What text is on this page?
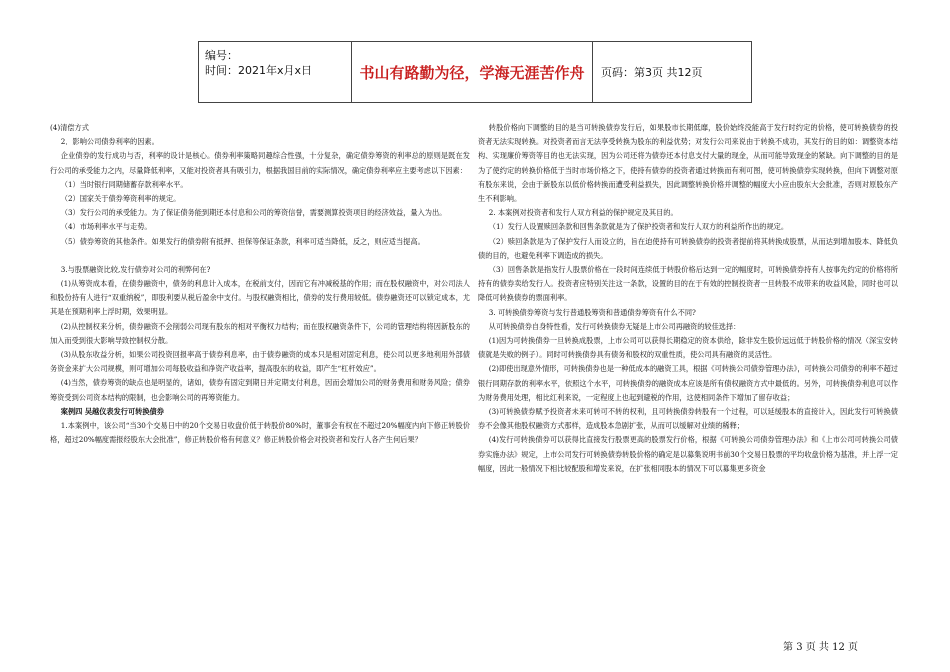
编号：
时间：2021年x月x日	书山有路勤为径，学海无涯苦作舟	页码：第3页 共12页

(4)清偿方式

2．影响公司债券利率的因素。

企业债券的发行成功与否，利率的设计是核心。债券利率策略同趣综合性强，十分复杂，确定债券筹资的利率总的原则是既在发行公司的承受能力之内，尽量降低利率，又能对投资者具有吸引力，根据我国目前的实际情况，确定债券利率应主要考虑以下因素：

（1）当时银行同期储蓄存款利率水平。

（2）国家关于债券筹资利率的规定。

（3）发行公司的承受能力。为了保证债务能到期还本付息和公司的筹资信誉，需要测算投资项目的经济效益，量入为出。

（4）市场利率水平与走势。

（5）债券筹资的其他条件。如果发行的债券附有抵押、担保等保证条款，利率可适当降低，反之，则应适当提高。

3.与股票融资比较,发行债券对公司的利弊何在?

(1)从筹资成本看，在债券融资中，债务的利息计入成本，在税前支付，因而它有冲减税基的作用；而在股权融资中，对公司法人和股份持有人进行“双重纳税”，即股利要从税后盈余中支付。与股权融资相比，债券的发行费用较低。债券融资还可以锁定成本，尤其是在预期利率上浮时期，效果明显。

(2)从控制权来分析，债券融资不会削弱公司现有股东的相对平衡权力结构；而在股权融资条件下，公司的管理结构将因新股东的加入而受到很大影响导致控制权分散。

(3)从股东收益分析，如果公司投资回报率高于债券利息率，由于债券融资的成本只是相对固定利息，使公司以更多地利用外部债务资金来扩大公司规模，则可增加公司每股收益和净资产收益率，提高股东的收益，即产生“杠杆效应”。

(4)当然，债券筹资的缺点也是明显的，诸如，债券有固定到期日并定期支付利息，因而会增加公司的财务费用和财务风险；债券筹资受到公司资本结构的限制，也会影响公司的再筹资能力。

案例四 吴越仪表发行可转换债券

1.本案例中，该公司“当30个交易日中的20个交易日收盘价低于转股价80%时，董事会有权在不超过20%幅度内向下修正转股价格，超过20%幅度需报经股东大会批准”，修正转股价格有何意义？修正转股价格会对投资者和发行人各产生何后果？

转股价格向下调整的目的是当可转换债券发行后，如果股市长期低靡，股价始终没能高于发行时约定的价格，使可转换债券的投资者无法实现转换。对投资者而言无法享受转换为股东的利益优势；对发行公司来说由于转换不成功，其发行的目的如：调整资本结构、实现廉价筹资等目的也无法实现，因为公司还将为债券还本付息支付大量的现金，从而可能导致现金的紧缺。向下调整的目的是为了使约定的转换价格低于当时市场价格之下，使持有债券的投资者通过转换而有利可图，使可转换债券实现转换，但向下调整对原有股东来说，会由于新股东以低价格转换而遭受利益损失，因此调整转换价格并调整的幅度大小应由股东大会批准，否则对原股东产生不利影响。

2. 本案例对投资者和发行人双方利益的保护规定及其目的。

（1）发行人设置赎回条款和回售条款就是为了保护投资者和发行人双方的利益所作出的规定。

（2）赎回条款是为了保护发行人而设立的，旨在迫使持有可转换债券的投资者提前将其转换成股票，从而达到增加股本、降低负债的目的，也避免利率下调造成的损失。

（3）回售条款是指发行人股票价格在一段时间连续低于转股价格后达到一定的幅度时，可转换债券持有人按事先约定的价格将所持有的债券卖给发行人。投资者应特别关注这一条款，设置的目的在于有效的控制投资者一旦转股不成带来的收益风险，同时也可以降低可转换债券的票面利率。

3. 可转换债券筹资与发行普通股筹资和普通债券筹资有什么不同?

从可转换债券自身特性看，发行可转换债券无疑是上市公司再融资的较佳选择：

(1)因为可转换债券一旦转换成股票，上市公司可以获得长期稳定的资本供给，除非发生股价远远低于转股价格的情况（深宝安转债就是失败的例子）。同时可转换债券具有债务和股权的双重性质，使公司具有融资的灵活性。

(2)即使出现意外情形，可转换债券也是一种低成本的融资工具，根据《可转换公司债券管理办法》，可转换公司债券的利率不超过银行同期存款的利率水平，依照这个水平，可转换债券的融资成本应该是所有债权融资方式中最低的。另外，可转换债券利息可以作为财务费用处理，相比红利来说，一定程度上也起到避税的作用，这使相同条件下增加了留存收益；

(3)可转换债券赋予投资者未来可转可不转的权利，且可转换债券转股有一个过程，可以延缓股本的直接计入，因此发行可转换债券不会像其他股权融资方式那样，造成股本急剧扩张，从而可以缓解对业绩的稀释；

(4)发行可转换债券可以获得比直接发行股票更高的股票发行价格，根据《可转换公司债券管理办法》和《上市公司可转换公司债券实施办法》规定，上市公司发行可转换债券转股价格的确定是以募集说明书前30个交易日股票的平均收盘价格为基准，并上浮一定幅度，因此一般情况下相比较配股和增发来说，在扩张相同股本的情况下可以募集更多资金

第 3 页 共 12 页
